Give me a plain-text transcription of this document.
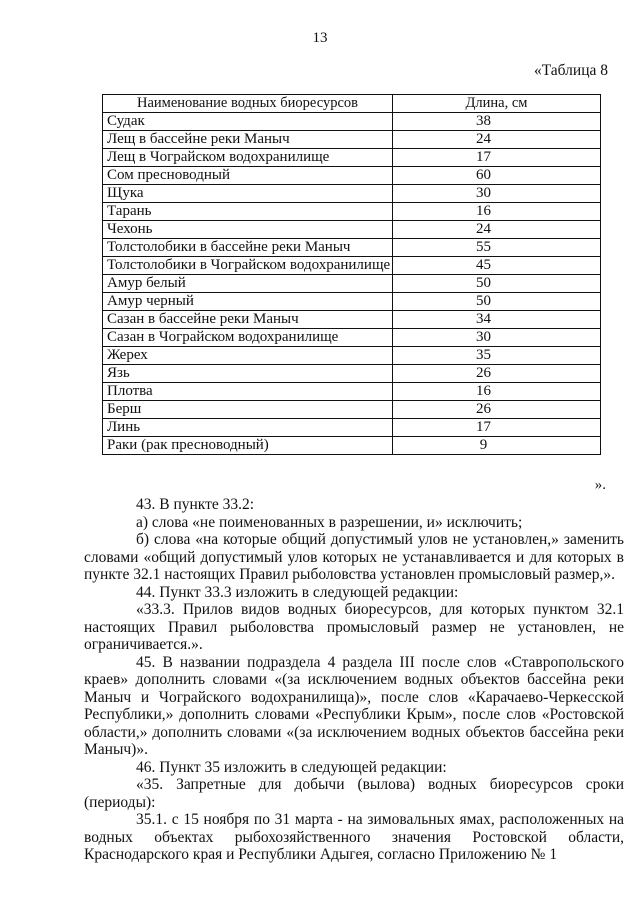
13
«Таблица 8
Наименование водных биоресурсов	Длина, см
Судак	38
Лещ в бассейне реки Маныч	24
Лещ в Чограйском водохранилище	17
Сом пресноводный	60
Щука	30
Тарань	16
Чехонь	24
Толстолобики в бассейне реки Маныч	55
Толстолобики в Чограйском водохранилище	45
Амур белый	50
Амур черный	50
Сазан в бассейне реки Маныч	34
Сазан в Чограйском водохранилище	30
Жерех	35
Язь	26
Плотва	16
Берш	26
Линь	17
Раки (рак пресноводный)	9
».

43. В пункте 33.2:

а) слова «не поименованных в разрешении, и» исключить;

б) слова «на которые общий допустимый улов не установлен,» заменить словами «общий допустимый улов которых не устанавливается и для которых в пункте 32.1 настоящих Правил рыболовства установлен промысловый размер,».

44. Пункт 33.3 изложить в следующей редакции:

«33.3. Прилов видов водных биоресурсов, для которых пунктом 32.1 настоящих Правил рыболовства промысловый размер не установлен, не ограничивается.».

45. В названии подраздела 4 раздела III после слов «Ставропольского краев» дополнить словами «(за исключением водных объектов бассейна реки Маныч и Чограйского водохранилища)», после слов «Карачаево-Черкесской Республики,» дополнить словами «Республики Крым», после слов «Ростовской области,» дополнить словами «(за исключением водных объектов бассейна реки Маныч)».

46. Пункт 35 изложить в следующей редакции:

«35. Запретные для добычи (вылова) водных биоресурсов сроки (периоды):

35.1. с 15 ноября по 31 марта - на зимовальных ямах, расположенных на водных объектах рыбохозяйственного значения Ростовской области, Краснодарского края и Республики Адыгея, согласно Приложению № 1
